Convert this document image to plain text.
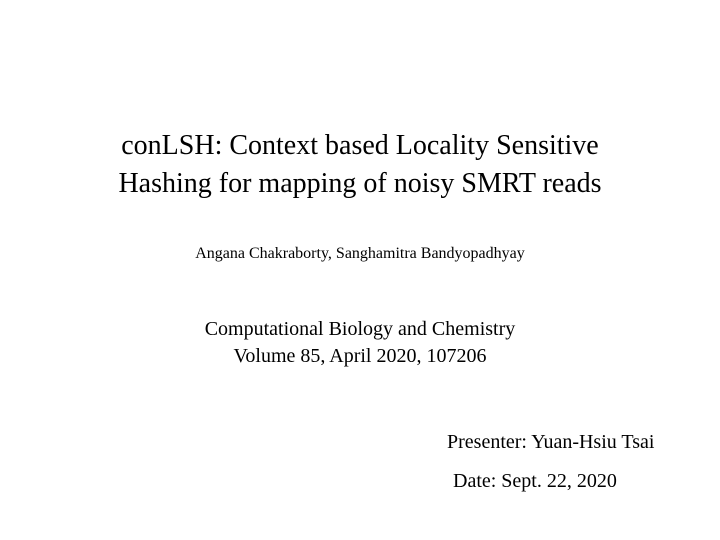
conLSH: Context based Locality Sensitive
Hashing for mapping of noisy SMRT reads
Angana Chakraborty, Sanghamitra Bandyopadhyay
Computational Biology and Chemistry
Volume 85, April 2020, 107206
Presenter: Yuan-Hsiu Tsai
Date: Sept. 22, 2020
